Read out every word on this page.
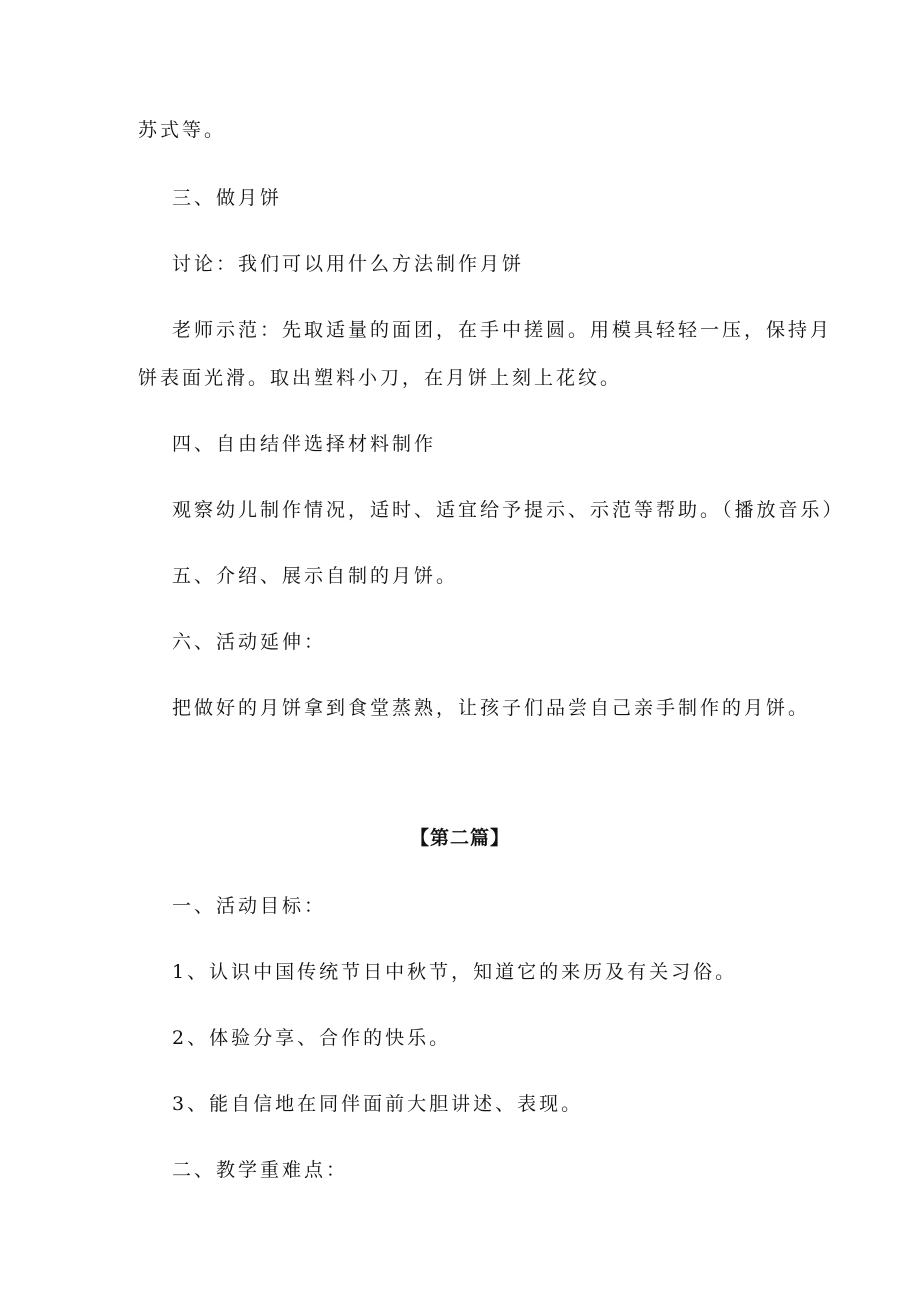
苏式等。
三、做月饼
讨论：我们可以用什么方法制作月饼
老师示范：先取适量的面团，在手中搓圆。用模具轻轻一压，保持月
饼表面光滑。取出塑料小刀，在月饼上刻上花纹。
四、自由结伴选择材料制作
观察幼儿制作情况，适时、适宜给予提示、示范等帮助。（播放音乐）
五、介绍、展示自制的月饼。
六、活动延伸：
把做好的月饼拿到食堂蒸熟，让孩子们品尝自己亲手制作的月饼。
【第二篇】
一、活动目标：
1、认识中国传统节日中秋节，知道它的来历及有关习俗。
2、体验分享、合作的快乐。
3、能自信地在同伴面前大胆讲述、表现。
二、教学重难点：
